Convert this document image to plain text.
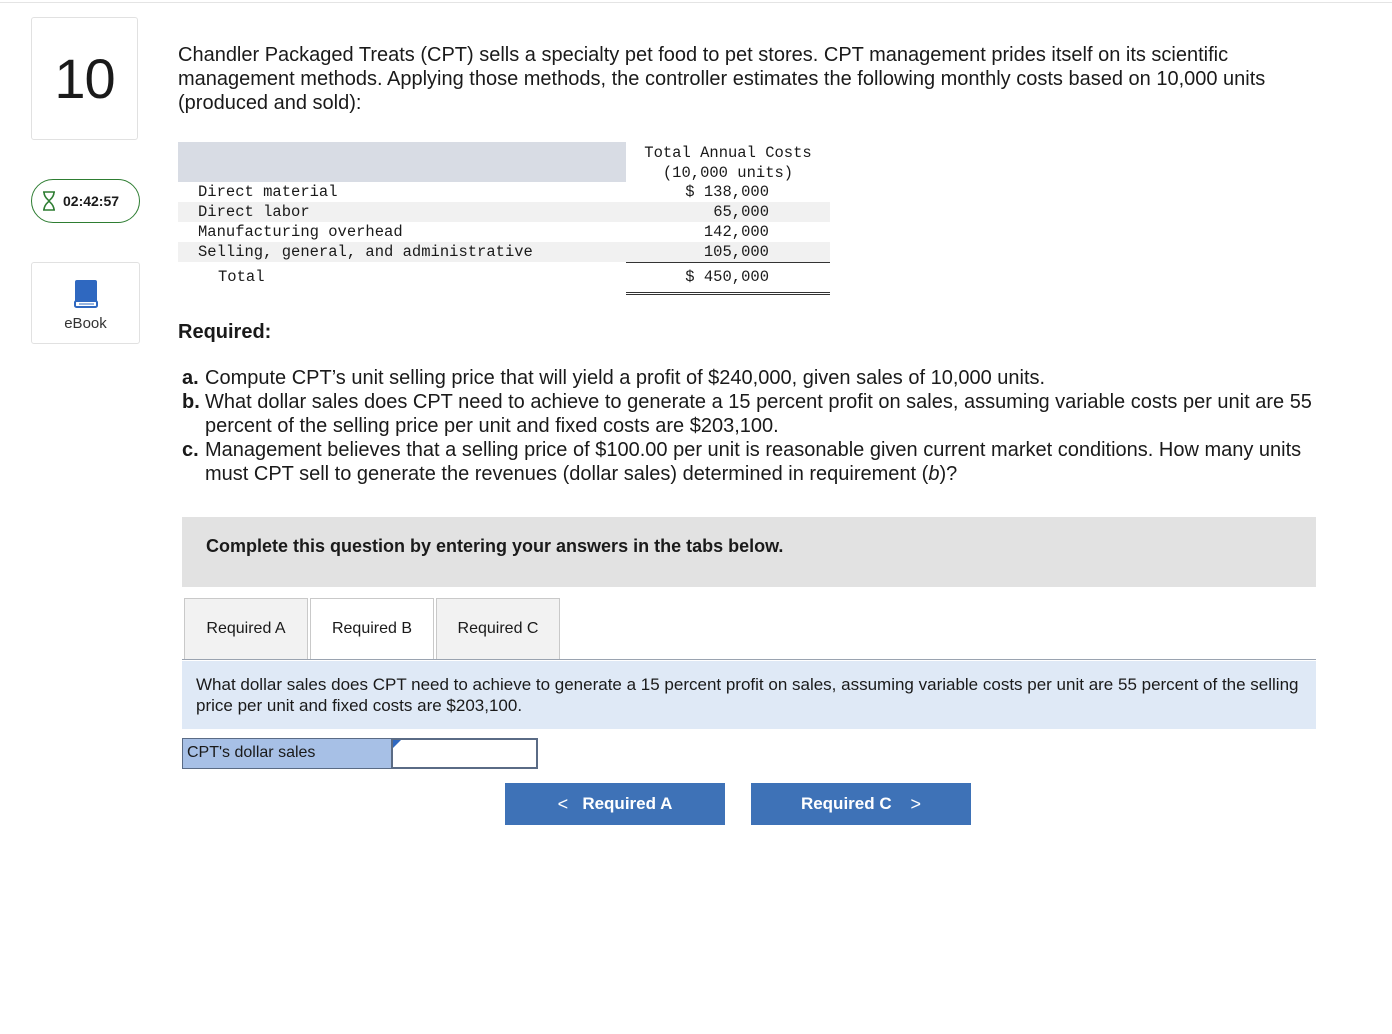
10
02:42:57
eBook
Chandler Packaged Treats (CPT) sells a specialty pet food to pet stores. CPT management prides itself on its scientific management methods. Applying those methods, the controller estimates the following monthly costs based on 10,000 units (produced and sold):
Total Annual Costs
(10,000 units)
Direct material	$ 138,000
Direct labor	65,000
Manufacturing overhead	142,000
Selling, general, and administrative	105,000
Total	$ 450,000
Required:
a. Compute CPT’s unit selling price that will yield a profit of $240,000, given sales of 10,000 units.
b. What dollar sales does CPT need to achieve to generate a 15 percent profit on sales, assuming variable costs per unit are 55 percent of the selling price per unit and fixed costs are $203,100.
c. Management believes that a selling price of $100.00 per unit is reasonable given current market conditions. How many units must CPT sell to generate the revenues (dollar sales) determined in requirement (b)?
Complete this question by entering your answers in the tabs below.
Required A	Required B	Required C
What dollar sales does CPT need to achieve to generate a 15 percent profit on sales, assuming variable costs per unit are 55 percent of the selling price per unit and fixed costs are $203,100.
CPT's dollar sales
<
Required A	Required C
>
